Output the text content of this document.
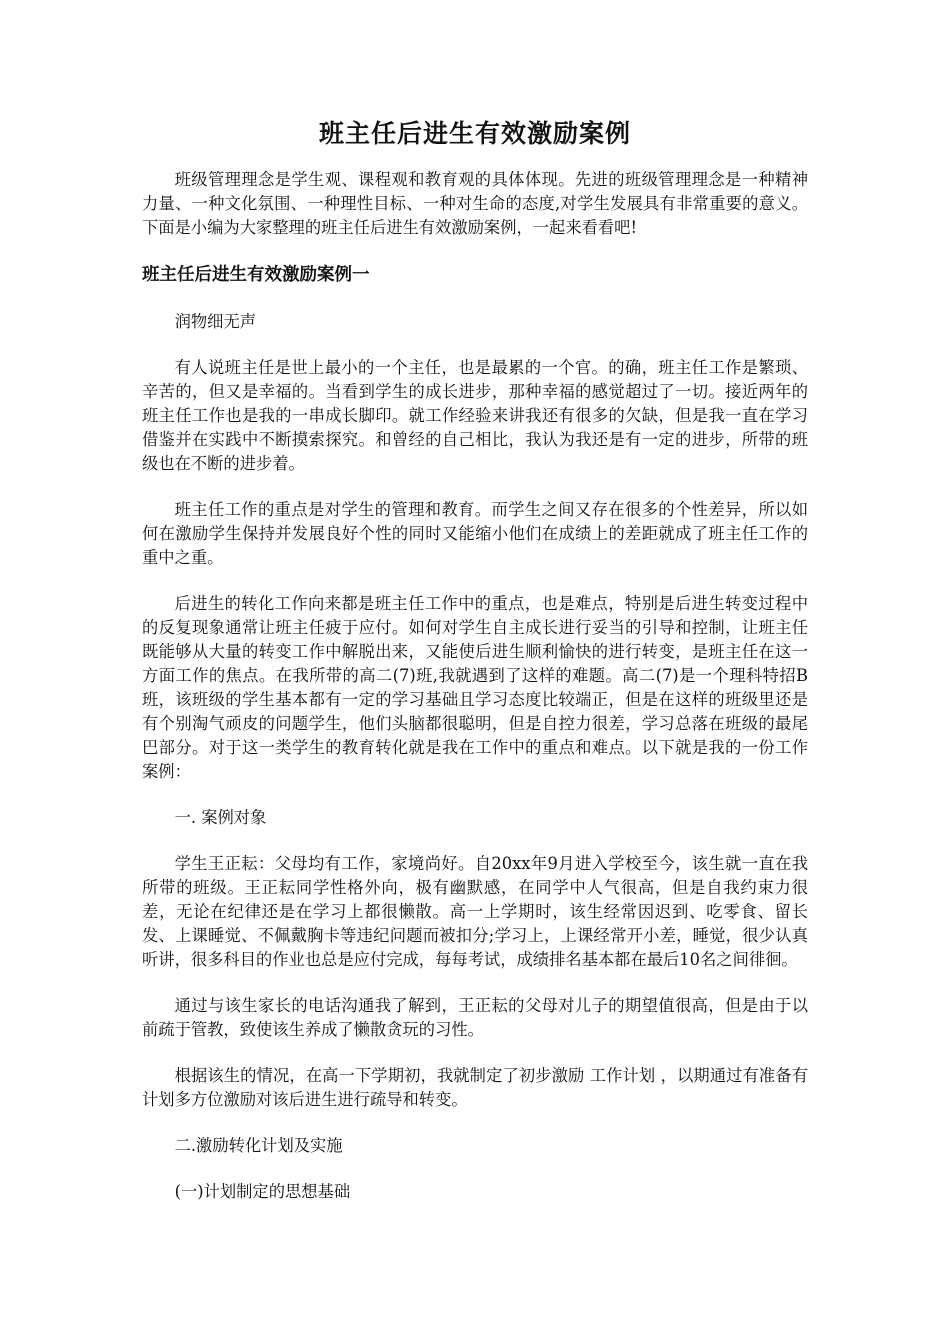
班主任后进生有效激励案例

班级管理理念是学生观、课程观和教育观的具体体现。先进的班级管理理念是一种精神力量、一种文化氛围、一种理性目标、一种对生命的态度,对学生发展具有非常重要的意义。下面是小编为大家整理的班主任后进生有效激励案例，一起来看看吧!

班主任后进生有效激励案例一

润物细无声

有人说班主任是世上最小的一个主任，也是最累的一个官。的确，班主任工作是繁琐、辛苦的，但又是幸福的。当看到学生的成长进步，那种幸福的感觉超过了一切。接近两年的班主任工作也是我的一串成长脚印。就工作经验来讲我还有很多的欠缺，但是我一直在学习借鉴并在实践中不断摸索探究。和曾经的自己相比，我认为我还是有一定的进步，所带的班级也在不断的进步着。

班主任工作的重点是对学生的管理和教育。而学生之间又存在很多的个性差异，所以如何在激励学生保持并发展良好个性的同时又能缩小他们在成绩上的差距就成了班主任工作的重中之重。

后进生的转化工作向来都是班主任工作中的重点，也是难点，特别是后进生转变过程中的反复现象通常让班主任疲于应付。如何对学生自主成长进行妥当的引导和控制，让班主任既能够从大量的转变工作中解脱出来，又能使后进生顺利愉快的进行转变，是班主任在这一方面工作的焦点。在我所带的高二(7)班,我就遇到了这样的难题。高二(7)是一个理科特招B班，该班级的学生基本都有一定的学习基础且学习态度比较端正，但是在这样的班级里还是有个别淘气顽皮的问题学生，他们头脑都很聪明，但是自控力很差，学习总落在班级的最尾巴部分。对于这一类学生的教育转化就是我在工作中的重点和难点。以下就是我的一份工作案例：

一. 案例对象

学生王正耘：父母均有工作，家境尚好。自20xx年9月进入学校至今，该生就一直在我所带的班级。王正耘同学性格外向，极有幽默感，在同学中人气很高，但是自我约束力很差，无论在纪律还是在学习上都很懒散。高一上学期时，该生经常因迟到、吃零食、留长发、上课睡觉、不佩戴胸卡等违纪问题而被扣分;学习上，上课经常开小差，睡觉，很少认真听讲，很多科目的作业也总是应付完成，每每考试，成绩排名基本都在最后10名之间徘徊。

通过与该生家长的电话沟通我了解到，王正耘的父母对儿子的期望值很高，但是由于以前疏于管教，致使该生养成了懒散贪玩的习性。

根据该生的情况，在高一下学期初，我就制定了初步激励 工作计划 ，以期通过有准备有计划多方位激励对该后进生进行疏导和转变。

二.激励转化计划及实施

(一)计划制定的思想基础
